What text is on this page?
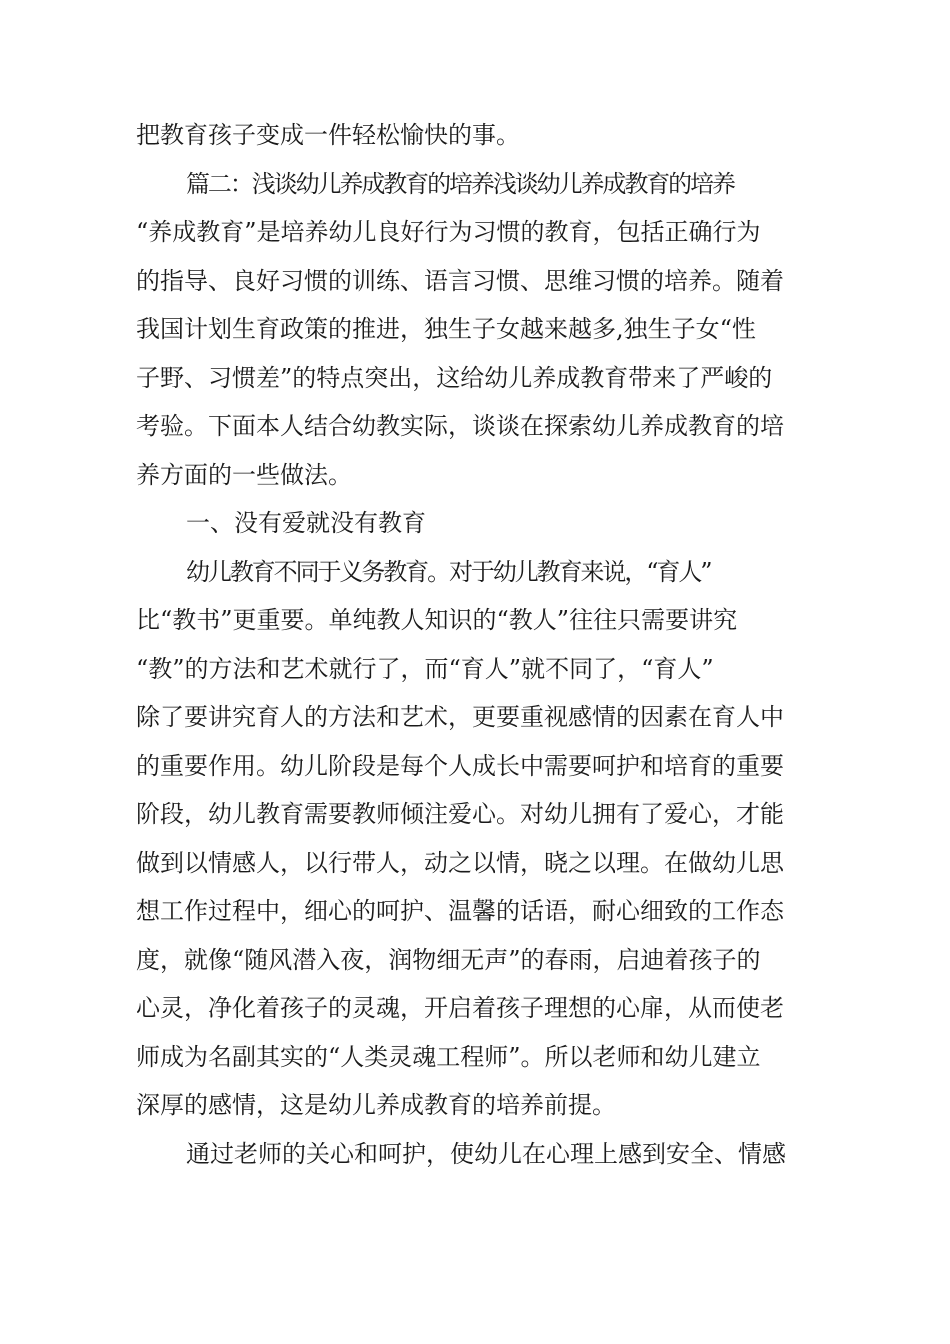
把教育孩子变成一件轻松愉快的事。
篇二：浅谈幼儿养成教育的培养浅谈幼儿养成教育的培养
“养成教育”是培养幼儿良好行为习惯的教育，包括正确行为
的指导、良好习惯的训练、语言习惯、思维习惯的培养。随着
我国计划生育政策的推进，独生子女越来越多,独生子女“性
子野、习惯差”的特点突出，这给幼儿养成教育带来了严峻的
考验。下面本人结合幼教实际，谈谈在探索幼儿养成教育的培
养方面的一些做法。
一、没有爱就没有教育
幼儿教育不同于义务教育。对于幼儿教育来说，“育人”
比“教书”更重要。单纯教人知识的“教人”往往只需要讲究
“教”的方法和艺术就行了，而“育人”就不同了，“育人”
除了要讲究育人的方法和艺术，更要重视感情的因素在育人中
的重要作用。幼儿阶段是每个人成长中需要呵护和培育的重要
阶段，幼儿教育需要教师倾注爱心。对幼儿拥有了爱心，才能
做到以情感人，以行带人，动之以情，晓之以理。在做幼儿思
想工作过程中，细心的呵护、温馨的话语，耐心细致的工作态
度，就像“随风潜入夜，润物细无声”的春雨，启迪着孩子的
心灵，净化着孩子的灵魂，开启着孩子理想的心扉，从而使老
师成为名副其实的“人类灵魂工程师”。所以老师和幼儿建立
深厚的感情，这是幼儿养成教育的培养前提。
通过老师的关心和呵护，使幼儿在心理上感到安全、情感
